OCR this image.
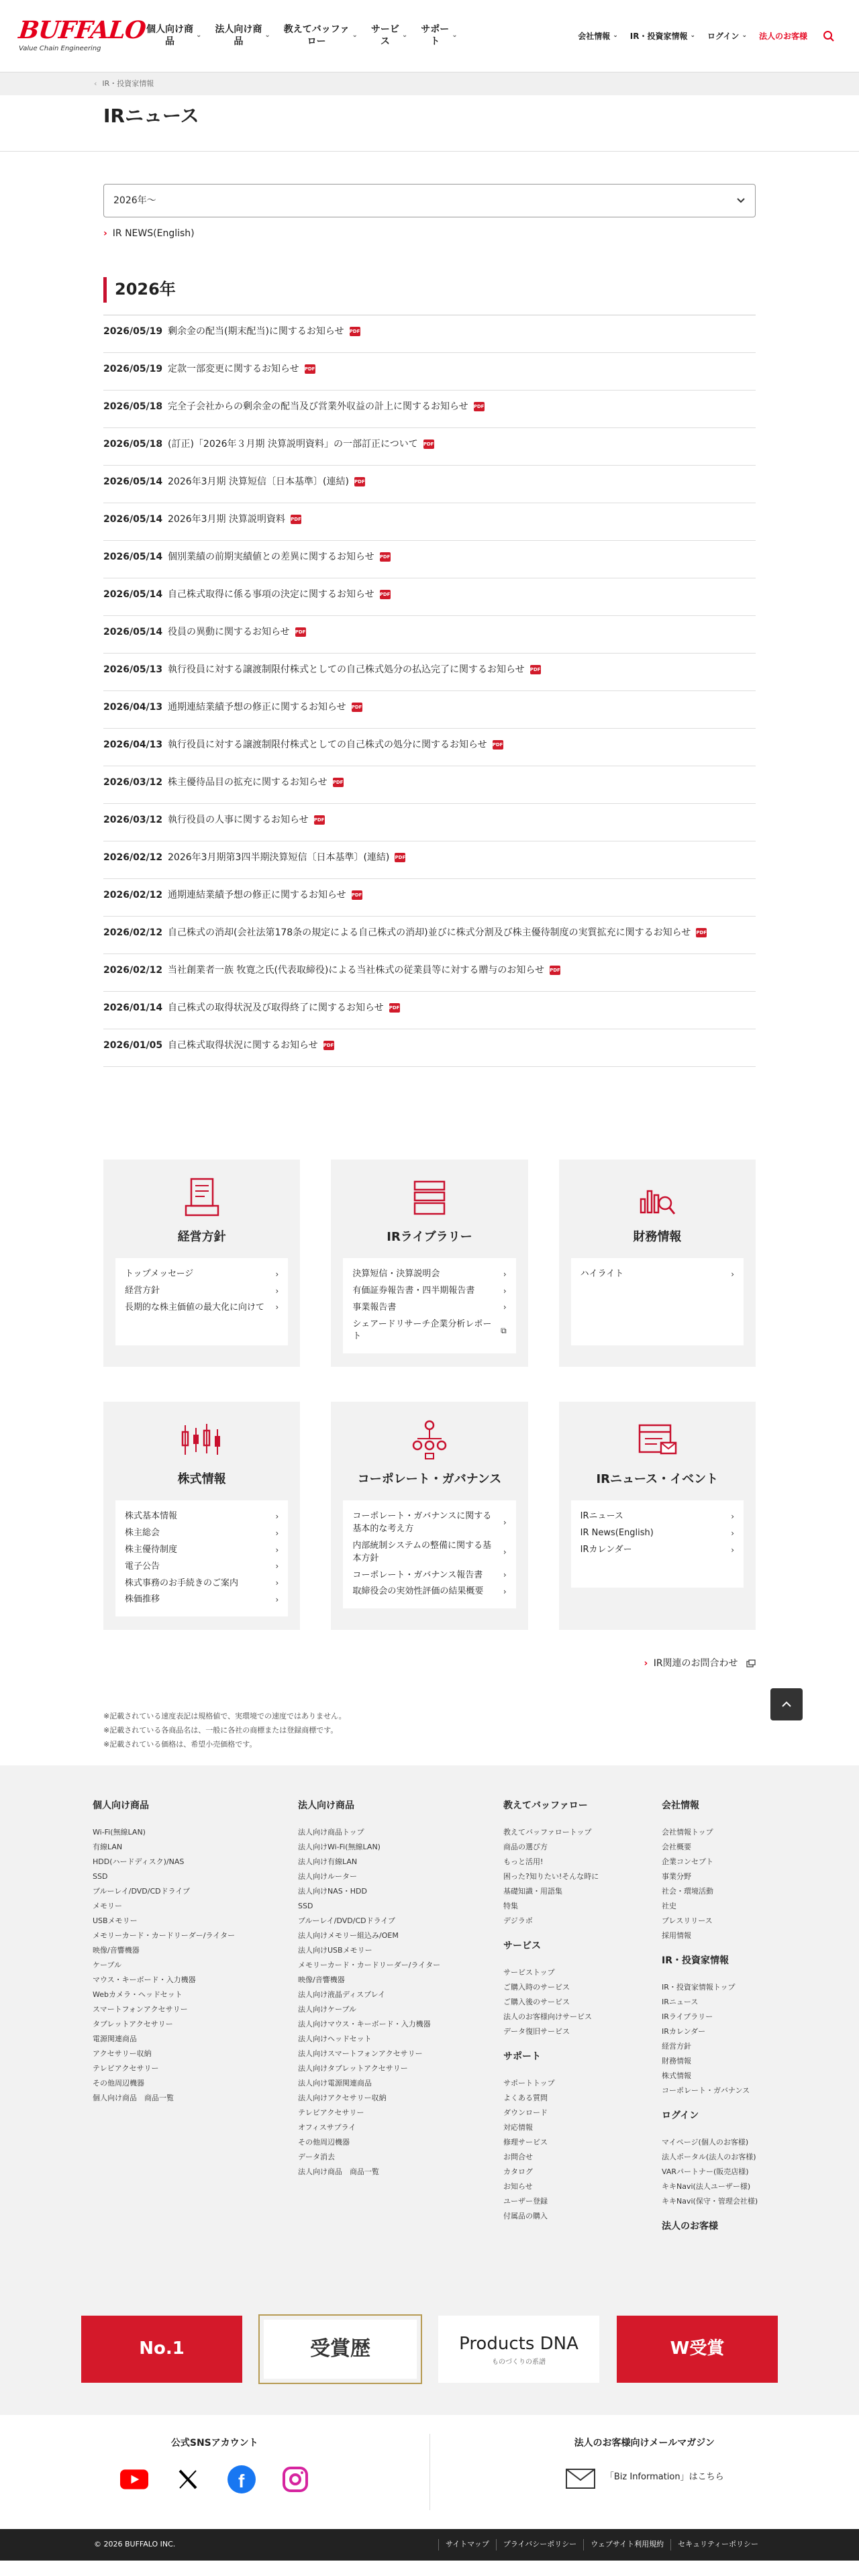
BUFFALO
Value Chain Engineering
個人向け商
品
⌄
法人向け商
品
⌄
教えてバッファ
ロー
⌄
サービ
ス
⌄
サポー
ト
⌄	会社情報 ⌄ IR・投資家情報 ⌄ ログイン ⌄	法人のお客様
‹ IR・投資家情報
IRニュース
2026年～
› IR NEWS(English)
2026年
2026/05/19 剰余金の配当(期末配当)に関するお知らせ PDF
2026/05/19 定款一部変更に関するお知らせ PDF
2026/05/18 完全子会社からの剰余金の配当及び営業外収益の計上に関するお知らせ PDF
2026/05/18 (訂正)「2026年３月期 決算説明資料」の一部訂正について PDF
2026/05/14 2026年3月期 決算短信〔日本基準〕(連結) PDF
2026/05/14 2026年3月期 決算説明資料 PDF
2026/05/14 個別業績の前期実績値との差異に関するお知らせ PDF
2026/05/14 自己株式取得に係る事項の決定に関するお知らせ PDF
2026/05/14 役員の異動に関するお知らせ PDF
2026/05/13 執行役員に対する譲渡制限付株式としての自己株式処分の払込完了に関するお知らせ PDF
2026/04/13 通期連結業績予想の修正に関するお知らせ PDF
2026/04/13 執行役員に対する譲渡制限付株式としての自己株式の処分に関するお知らせ PDF
2026/03/12 株主優待品目の拡充に関するお知らせ PDF
2026/03/12 執行役員の人事に関するお知らせ PDF
2026/02/12 2026年3月期第3四半期決算短信〔日本基準〕(連結) PDF
2026/02/12 通期連結業績予想の修正に関するお知らせ PDF
2026/02/12 自己株式の消却(会社法第178条の規定による自己株式の消却)並びに株式分割及び株主優待制度の実質拡充に関するお知らせ PDF
2026/02/12 当社創業者一族 牧寛之氏(代表取締役)による当社株式の従業員等に対する贈与のお知らせ PDF
2026/01/14 自己株式の取得状況及び取得終了に関するお知らせ PDF
2026/01/05 自己株式取得状況に関するお知らせ PDF
経営方針
トップメッセージ	›
経営方針	›
長期的な株主価値の最大化に向けて ›
IRライブラリー
決算短信・決算説明会	›
有価証券報告書・四半期報告書	›
事業報告書	›
シェアードリサーチ企業分析レポート
⧉
財務情報
ハイライト	›
株式情報
株式基本情報	›
株主総会	›
株主優待制度	›
電子公告	›
株式事務のお手続きのご案内	›
株価推移	›
コーポレート・ガバナンス
コーポレート・ガバナンスに関する基本的な考え方
›
内部統制システムの整備に関する基本方針
›
コーポレート・ガバナンス報告書	›
取締役会の実効性評価の結果概要 ›
IRニュース・イベント
IRニュース	›
IR News(English)	›
IRカレンダー	›
› IR関連のお問合わせ
※記載されている速度表記は規格値で、実環境での速度ではありません。
※記載されている各商品名は、一般に各社の商標または登録商標です。
※記載されている価格は、希望小売価格です。
個人向け商品
Wi-Fi(無線LAN)
有線LAN
HDD(ハードディスク)/NAS
SSD
ブルーレイ/DVD/CDドライブ
メモリー
USBメモリー
メモリーカード・カードリーダー/ライター
映像/音響機器
ケーブル
マウス・キーボード・入力機器
Webカメラ・ヘッドセット
スマートフォンアクセサリー
タブレットアクセサリー
電源関連商品
アクセサリー収納
テレビアクセサリー
その他周辺機器
個人向け商品　商品一覧
法人向け商品
法人向け商品トップ
法人向けWi-Fi(無線LAN)
法人向け有線LAN
法人向けルーター
法人向けNAS・HDD
SSD
ブルーレイ/DVD/CDドライブ
法人向けメモリー組込み/OEM
法人向けUSBメモリー
メモリーカード・カードリーダー/ライター
映像/音響機器
法人向け液晶ディスプレイ
法人向けケーブル
法人向けマウス・キーボード・入力機器
法人向けヘッドセット
法人向けスマートフォンアクセサリー
法人向けタブレットアクセサリー
法人向け電源関連商品
法人向けアクセサリー収納
テレビアクセサリー
オフィスサプライ
その他周辺機器
データ消去
法人向け商品　商品一覧
教えてバッファロー
教えてバッファロートップ
商品の選び方
もっと活用!
困った?知りたい!そんな時に
基礎知識・用語集
特集
デジラボ
サービス
サービストップ
ご購入時のサービス
ご購入後のサービス
法人のお客様向けサービス
データ復旧サービス
サポート
サポートトップ
よくある質問
ダウンロード
対応情報
修理サービス
お問合せ
カタログ
お知らせ
ユーザー登録
付属品の購入
会社情報
会社情報トップ
会社概要
企業コンセプト
事業分野
社会・環境活動
社史
プレスリリース
採用情報
IR・投資家情報
IR・投資家情報トップ
IRニュース
IRライブラリー
IRカレンダー
経営方針
財務情報
株式情報
コーポレート・ガバナンス
ログイン
マイページ(個人のお客様)
法人ポータル(法人のお客様)
VARパートナー(販売店様)
キキNavi(法人ユーザー様)
キキNavi(保守・管理会社様)
法人のお客様
No.1	受賞歴	Products DNA
ものづくりの系譜
W受賞
公式SNSアカウント
f
法人のお客様向けメールマガジン
「Biz Information」はこちら
© 2026 BUFFALO INC.	サイトマップ	プライバシーポリシー	ウェブサイト利用規約	セキュリティーポリシー
